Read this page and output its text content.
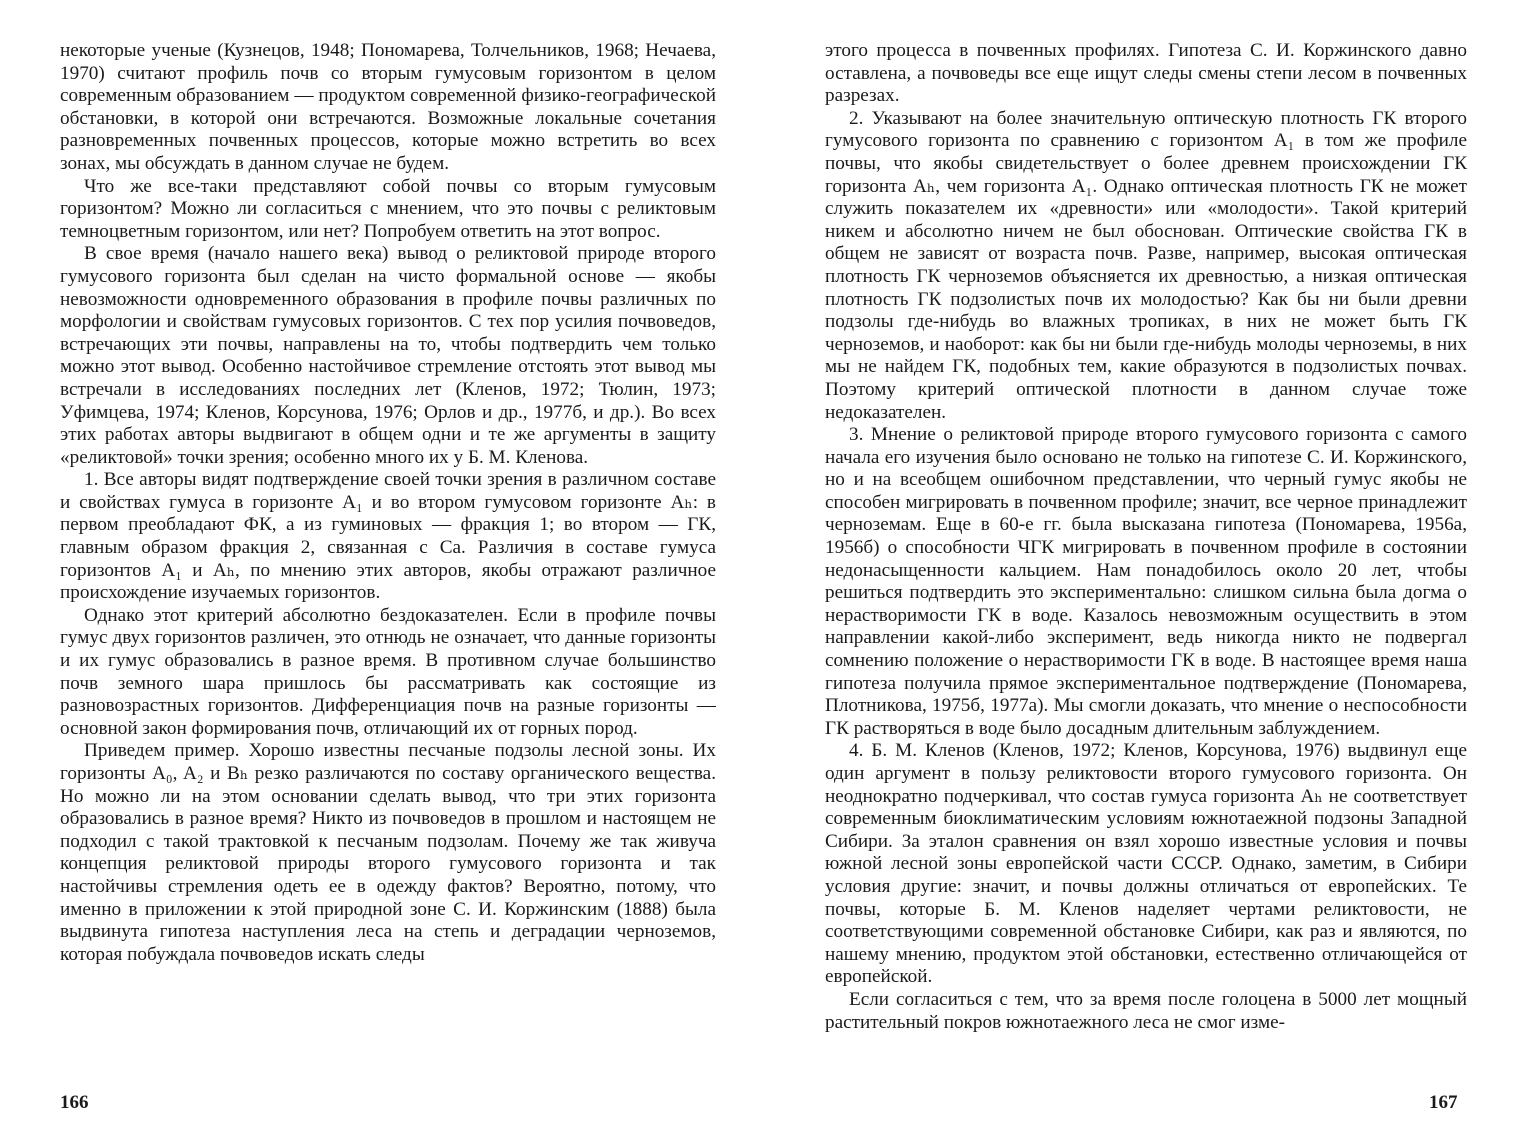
некоторые ученые (Кузнецов, 1948; Пономарева, Толчельников, 1968; Нечаева, 1970) считают профиль почв со вторым гумусовым горизонтом в целом современным образованием — продуктом современной физико-географической обстановки, в которой они встречаются. Возможные локальные сочетания разновременных почвенных процессов, которые можно встретить во всех зонах, мы обсуждать в данном случае не будем.

Что же все-таки представляют собой почвы со вторым гумусовым горизонтом? Можно ли согласиться с мнением, что это почвы с реликтовым темноцветным горизонтом, или нет? Попробуем ответить на этот вопрос.

В свое время (начало нашего века) вывод о реликтовой природе второго гумусового горизонта был сделан на чисто формальной основе — якобы невозможности одновременного образования в профиле почвы различных по морфологии и свойствам гумусовых горизонтов. С тех пор усилия почвоведов, встречающих эти почвы, направлены на то, чтобы подтвердить чем только можно этот вывод. Особенно настойчивое стремление отстоять этот вывод мы встречали в исследованиях последних лет (Кленов, 1972; Тюлин, 1973; Уфимцева, 1974; Кленов, Корсунова, 1976; Орлов и др., 1977б, и др.). Во всех этих работах авторы выдвигают в общем одни и те же аргументы в защиту «реликтовой» точки зрения; особенно много их у Б. М. Кленова.

1. Все авторы видят подтверждение своей точки зрения в различном составе и свойствах гумуса в горизонте A₁ и во втором гумусовом горизонте Aₕ: в первом преобладают ФК, а из гуминовых — фракция 1; во втором — ГК, главным образом фракция 2, связанная с Ca. Различия в составе гумуса горизонтов A₁ и Aₕ, по мнению этих авторов, якобы отражают различное происхождение изучаемых горизонтов.

Однако этот критерий абсолютно бездоказателен. Если в профиле почвы гумус двух горизонтов различен, это отнюдь не означает, что данные горизонты и их гумус образовались в разное время. В противном случае большинство почв земного шара пришлось бы рассматривать как состоящие из разновозрастных горизонтов. Дифференциация почв на разные горизонты — основной закон формирования почв, отличающий их от горных пород.

Приведем пример. Хорошо известны песчаные подзолы лесной зоны. Их горизонты A₀, A₂ и Bₕ резко различаются по составу органического вещества. Но можно ли на этом основании сделать вывод, что три этих горизонта образовались в разное время? Никто из почвоведов в прошлом и настоящем не подходил с такой трактовкой к песчаным подзолам. Почему же так живуча концепция реликтовой природы второго гумусового горизонта и так настойчивы стремления одеть ее в одежду фактов? Вероятно, потому, что именно в приложении к этой природной зоне С. И. Коржинским (1888) была выдвинута гипотеза наступления леса на степь и деградации черноземов, которая побуждала почвоведов искать следы

166

этого процесса в почвенных профилях. Гипотеза С. И. Коржинского давно оставлена, а почвоведы все еще ищут следы смены степи лесом в почвенных разрезах.

2. Указывают на более значительную оптическую плотность ГК второго гумусового горизонта по сравнению с горизонтом A₁ в том же профиле почвы, что якобы свидетельствует о более древнем происхождении ГК горизонта Aₕ, чем горизонта A₁. Однако оптическая плотность ГК не может служить показателем их «древности» или «молодости». Такой критерий никем и абсолютно ничем не был обоснован. Оптические свойства ГК в общем не зависят от возраста почв. Разве, например, высокая оптическая плотность ГК черноземов объясняется их древностью, а низкая оптическая плотность ГК подзолистых почв их молодостью? Как бы ни были древни подзолы где-нибудь во влажных тропиках, в них не может быть ГК черноземов, и наоборот: как бы ни были где-нибудь молоды черноземы, в них мы не найдем ГК, подобных тем, какие образуются в подзолистых почвах. Поэтому критерий оптической плотности в данном случае тоже недоказателен.

3. Мнение о реликтовой природе второго гумусового горизонта с самого начала его изучения было основано не только на гипотезе С. И. Коржинского, но и на всеобщем ошибочном представлении, что черный гумус якобы не способен мигрировать в почвенном профиле; значит, все черное принадлежит черноземам. Еще в 60-е гг. была высказана гипотеза (Пономарева, 1956а, 1956б) о способности ЧГК мигрировать в почвенном профиле в состоянии недонасыщенности кальцием. Нам понадобилось около 20 лет, чтобы решиться подтвердить это экспериментально: слишком сильна была догма о нерастворимости ГК в воде. Казалось невозможным осуществить в этом направлении какой-либо эксперимент, ведь никогда никто не подвергал сомнению положение о нерастворимости ГК в воде. В настоящее время наша гипотеза получила прямое экспериментальное подтверждение (Пономарева, Плотникова, 1975б, 1977а). Мы смогли доказать, что мнение о неспособности ГК растворяться в воде было досадным длительным заблуждением.

4. Б. М. Кленов (Кленов, 1972; Кленов, Корсунова, 1976) выдвинул еще один аргумент в пользу реликтовости второго гумусового горизонта. Он неоднократно подчеркивал, что состав гумуса горизонта Aₕ не соответствует современным биоклиматическим условиям южнотаежной подзоны Западной Сибири. За эталон сравнения он взял хорошо известные условия и почвы южной лесной зоны европейской части СССР. Однако, заметим, в Сибири условия другие: значит, и почвы должны отличаться от европейских. Те почвы, которые Б. М. Кленов наделяет чертами реликтовости, не соответствующими современной обстановке Сибири, как раз и являются, по нашему мнению, продуктом этой обстановки, естественно отличающейся от европейской.

Если согласиться с тем, что за время после голоцена в 5000 лет мощный растительный покров южнотаежного леса не смог изме-

167
